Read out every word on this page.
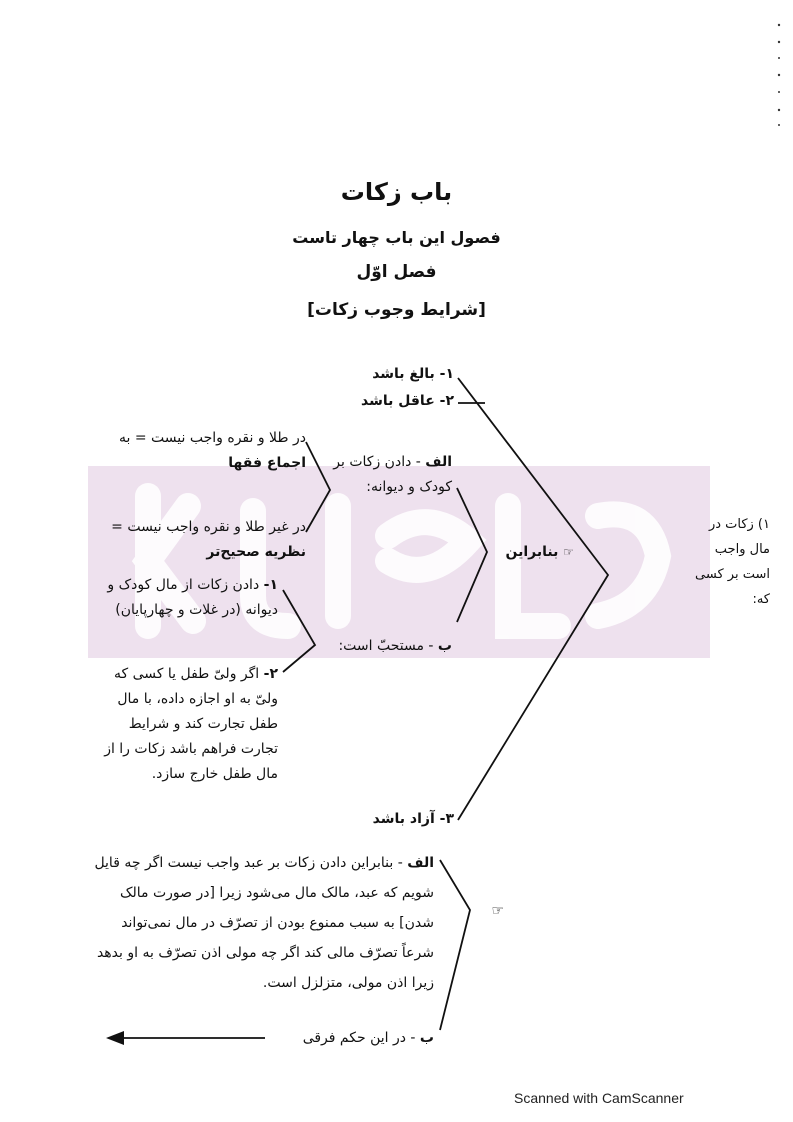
باب زکات
فصول این باب چهار تاست
فصل اوّل
[شرایط وجوب زکات]
۱) زکات در مال واجب است بر کسی که:
۱- بالغ باشد
۲- عاقل باشد
۳- آزاد باشد
☞ بنابراین
الف - دادن زکات بر کودک و دیوانه:
در طلا و نقره واجب نیست = به اجماع فقها
در غیر طلا و نقره واجب نیست = نظریه صحیح‌تر
ب - مستحبّ است:
۱- دادن زکات از مال کودک و دیوانه (در غلات و چهارپایان)
۲- اگر ولیّ طفل یا کسی که ولیّ به او اجازه داده، با مال طفل تجارت کند و شرایط تجارت فراهم باشد زکات را از مال طفل خارج سازد.
☞
الف - بنابراین دادن زکات بر عبد واجب نیست اگر چه قایل شویم که عبد، مالک مال می‌شود زیرا [در صورت مالک شدن] به سبب ممنوع بودن از تصرّف در مال نمی‌تواند شرعاً تصرّف مالی کند اگر چه مولی اذن تصرّف به او بدهد زیرا اذن مولی، متزلزل است.
ب - در این حکم فرقی
Scanned with CamScanner
